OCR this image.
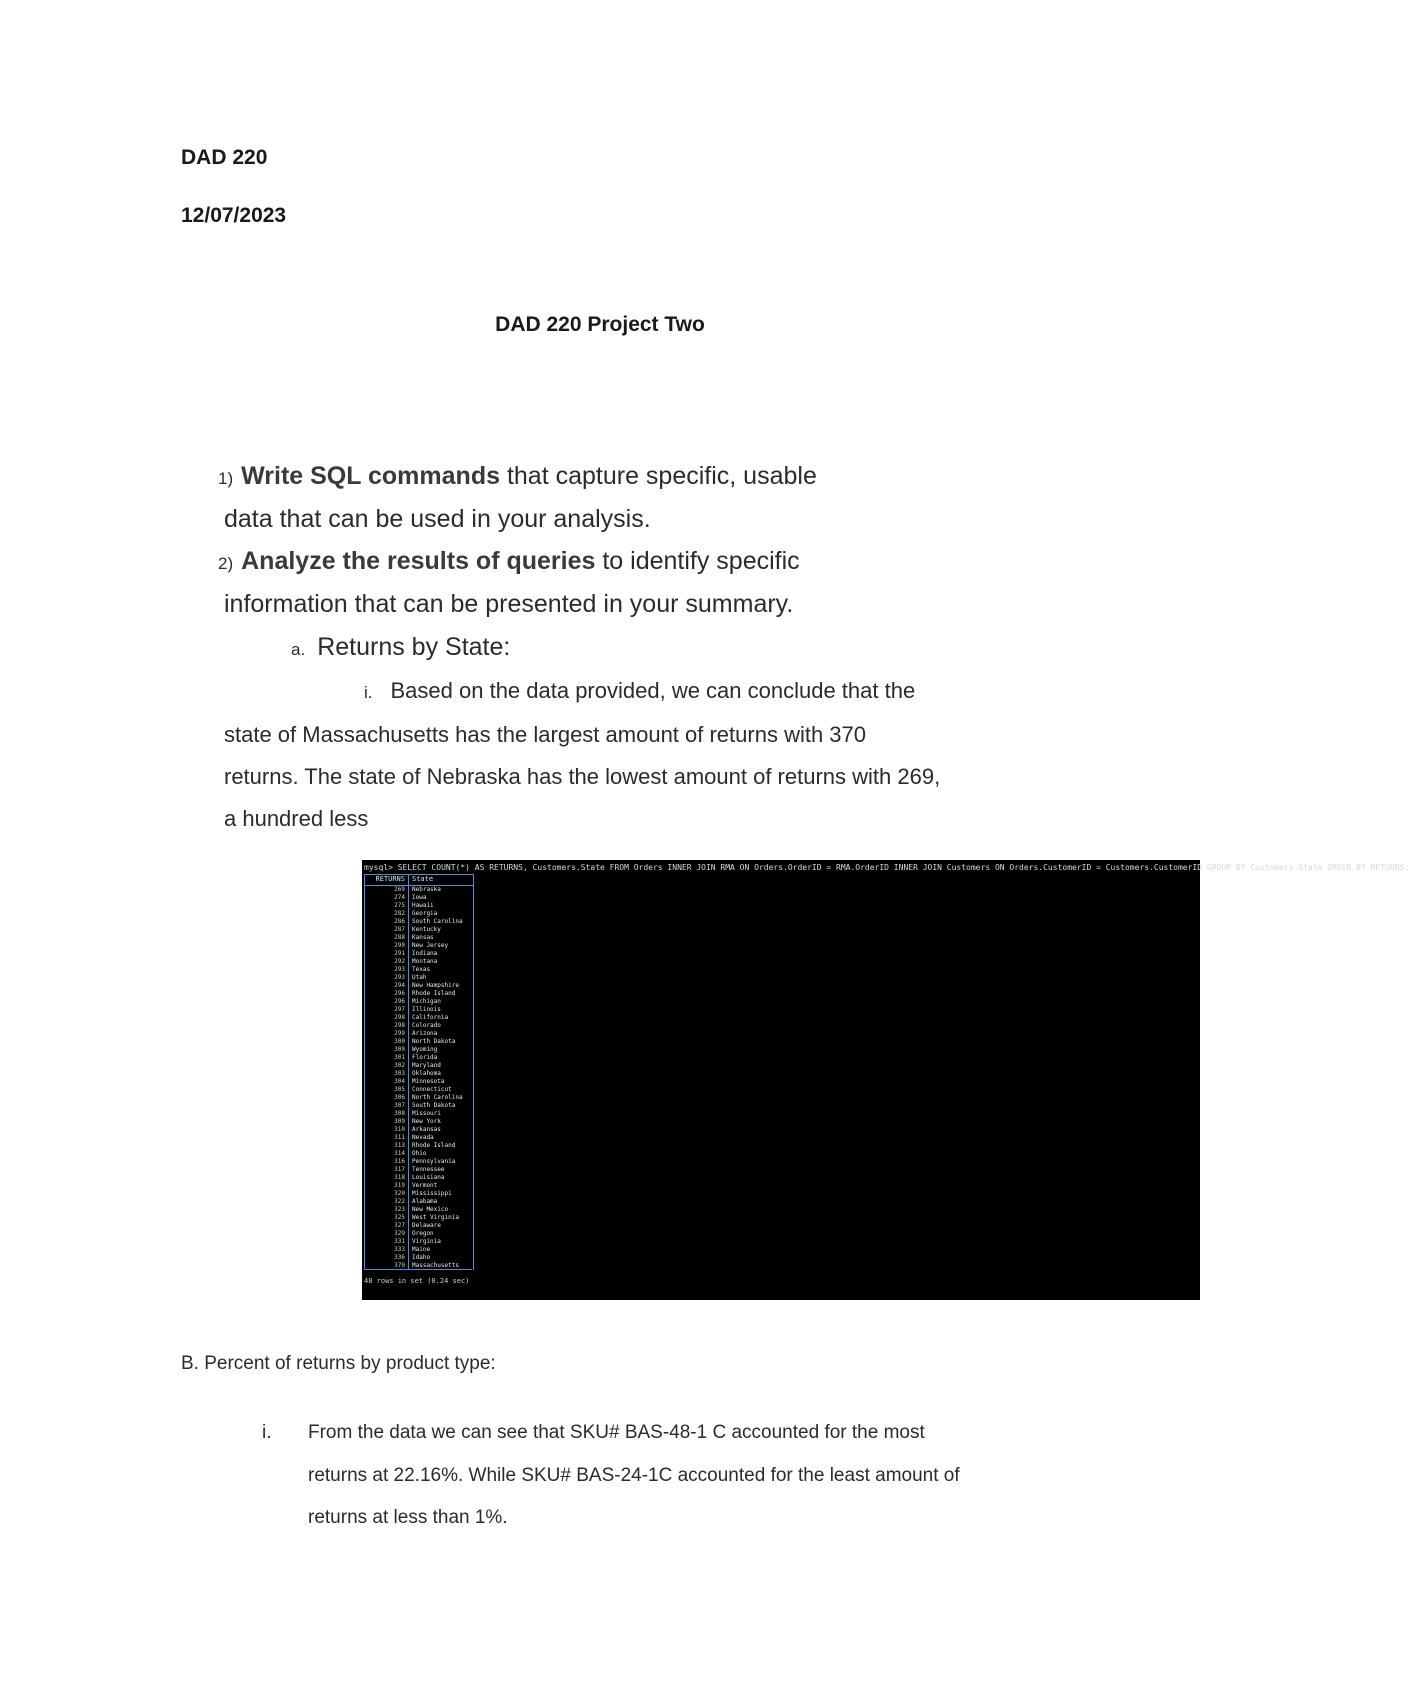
DAD 220
12/07/2023
DAD 220 Project Two
1) Write SQL commands that capture specific, usable
data that can be used in your analysis.
2) Analyze the results of queries to identify specific
information that can be presented in your summary.
a. Returns by State:
i. Based on the data provided, we can conclude that the
state of Massachusetts has the largest amount of returns with 370
returns. The state of Nebraska has the lowest amount of returns with 269,
a hundred less
mysql> SELECT COUNT(*) AS RETURNS, Customers.State FROM Orders INNER JOIN RMA ON Orders.OrderID = RMA.OrderID INNER JOIN Customers ON Orders.CustomerID = Customers.CustomerID GROUP BY Customers.State ORDER BY RETURNS;
RETURNS	State
269	Nebraska
274	Iowa
275	Hawaii
282	Georgia
286	South Carolina
287	Kentucky
288	Kansas
290	New Jersey
291	Indiana
292	Montana
293	Texas
293	Utah
294	New Hampshire
296	Rhode Island
296	Michigan
297	Illinois
298	California
298	Colorado
299	Arizona
300	North Dakota
300	Wyoming
301	Florida
302	Maryland
303	Oklahoma
304	Minnesota
305	Connecticut
306	North Carolina
307	South Dakota
308	Missouri
309	New York
310	Arkansas
311	Nevada
313	Rhode Island
314	Ohio
316	Pennsylvania
317	Tennessee
318	Louisiana
319	Vermont
320	Mississippi
322	Alabama
323	New Mexico
325	West Virginia
327	Delaware
329	Oregon
331	Virginia
333	Maine
336	Idaho
370	Massachusetts
48 rows in set (0.24 sec)
B. Percent of returns by product type:
i. From the data we can see that SKU# BAS-48-1 C accounted for the most
returns at 22.16%. While SKU# BAS-24-1C accounted for the least amount of
returns at less than 1%.
